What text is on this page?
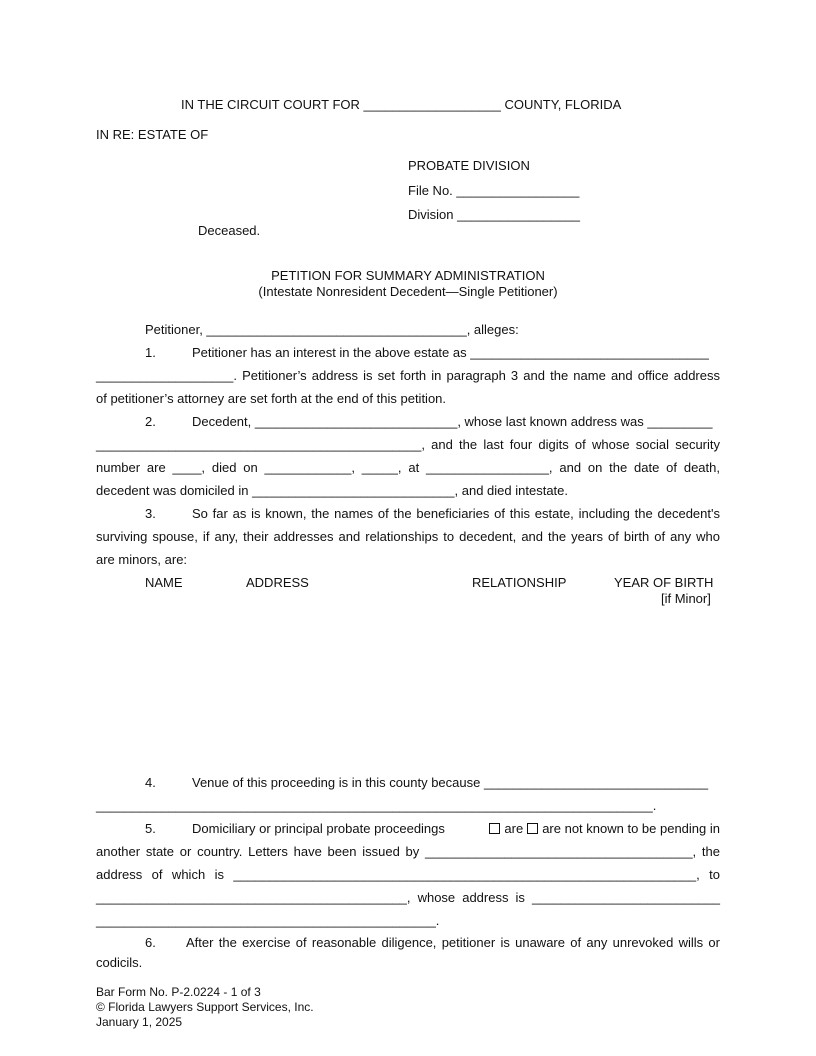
IN THE CIRCUIT COURT FOR ___________________ COUNTY, FLORIDA
IN RE: ESTATE OF
PROBATE DIVISION
File No. _________________
Division _________________
Deceased.
PETITION FOR SUMMARY ADMINISTRATION
(Intestate Nonresident Decedent—Single Petitioner)
Petitioner, ____________________________________, alleges:
1.	Petitioner has an interest in the above estate as _________________________________
___________________. Petitioner’s address is set forth in paragraph 3 and the name and office address
of petitioner’s attorney are set forth at the end of this petition.
2.	Decedent, ____________________________, whose last known address was _________
_____________________________________________, and the last four digits of whose social security
number are ____, died on ____________, _____, at _________________, and on the date of death,
decedent was domiciled in ____________________________, and died intestate.
3.	So far as is known, the names of the beneficiaries of this estate, including the decedent's
surviving spouse, if any, their addresses and relationships to decedent, and the years of birth of any who
are minors, are:
NAME	ADDRESS	RELATIONSHIP	YEAR OF BIRTH
[if Minor]
4.	Venue of this proceeding is in this county because _______________________________
_____________________________________________________________________________.
5.	Domiciliary or principal probate proceedings	are are not known to be pending in
another state or country. Letters have been issued by _____________________________________, the
address of which is ________________________________________________________________, to
___________________________________________, whose address is __________________________
_______________________________________________.
6. After the exercise of reasonable diligence, petitioner is unaware of any unrevoked wills or
codicils.
Bar Form No. P-2.0224 - 1 of 3
© Florida Lawyers Support Services, Inc.
January 1, 2025
